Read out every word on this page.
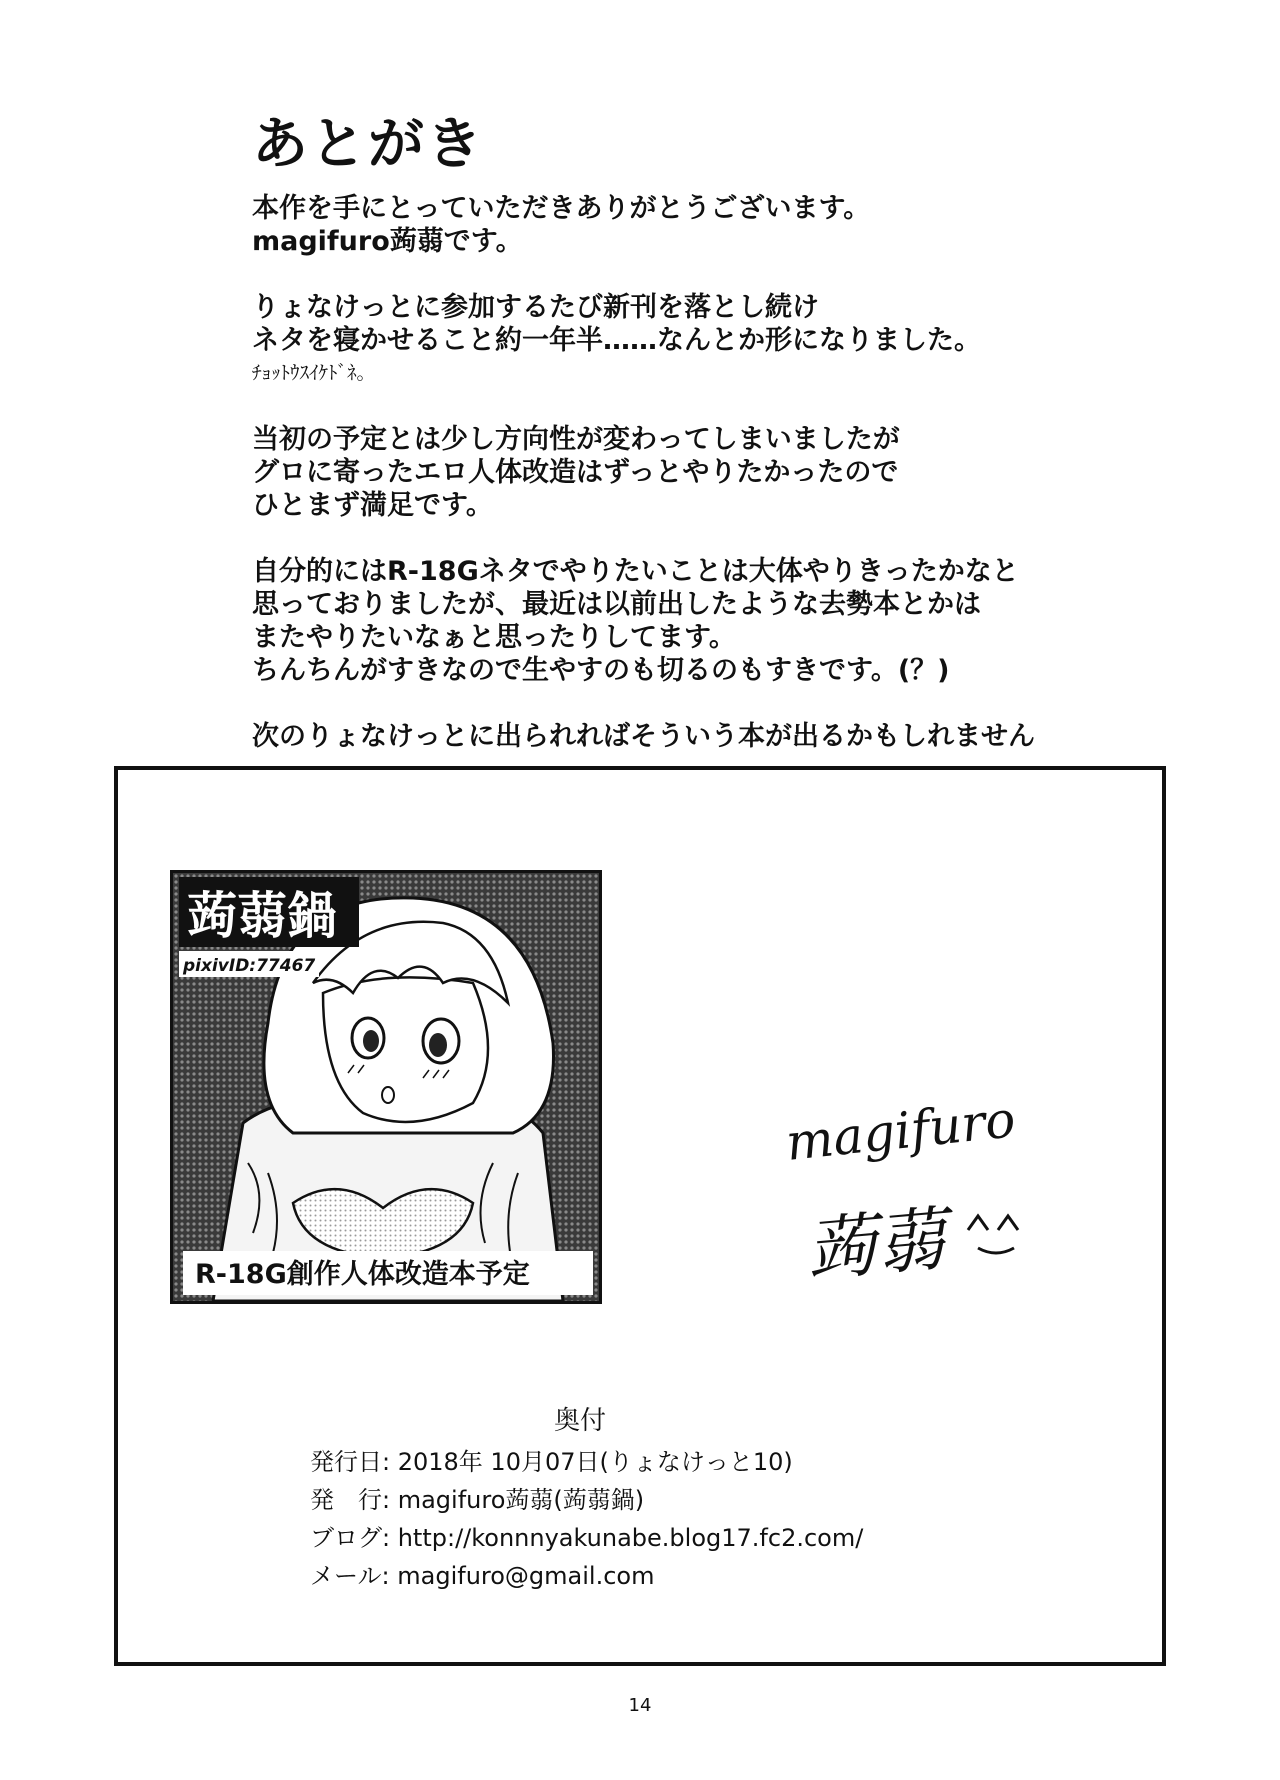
あとがき
本作を手にとっていただきありがとうございます。
magifuro蒟蒻です。
りょなけっとに参加するたび新刊を落とし続け
ネタを寝かせること約一年半……なんとか形になりました。
ﾁｮｯﾄｳｽｲｹﾄﾞﾈ。
当初の予定とは少し方向性が変わってしまいましたが
グロに寄ったエロ人体改造はずっとやりたかったので
ひとまず満足です。
自分的にはR-18Gネタでやりたいことは大体やりきったかなと
思っておりましたが、最近は以前出したような去勢本とかは
またやりたいなぁと思ったりしてます。
ちんちんがすきなので生やすのも切るのもすきです。(？)
次のりょなけっとに出られればそういう本が出るかもしれません
蒟蒻鍋
pixivID:77467
R-18G創作人体改造本予定
magifuro
蒟蒻
奥付
発行日: 2018年 10月07日(りょなけっと10)
発　行: magifuro蒟蒻(蒟蒻鍋)
ブログ: http://konnnyakunabe.blog17.fc2.com/
メール: magifuro@gmail.com
14
